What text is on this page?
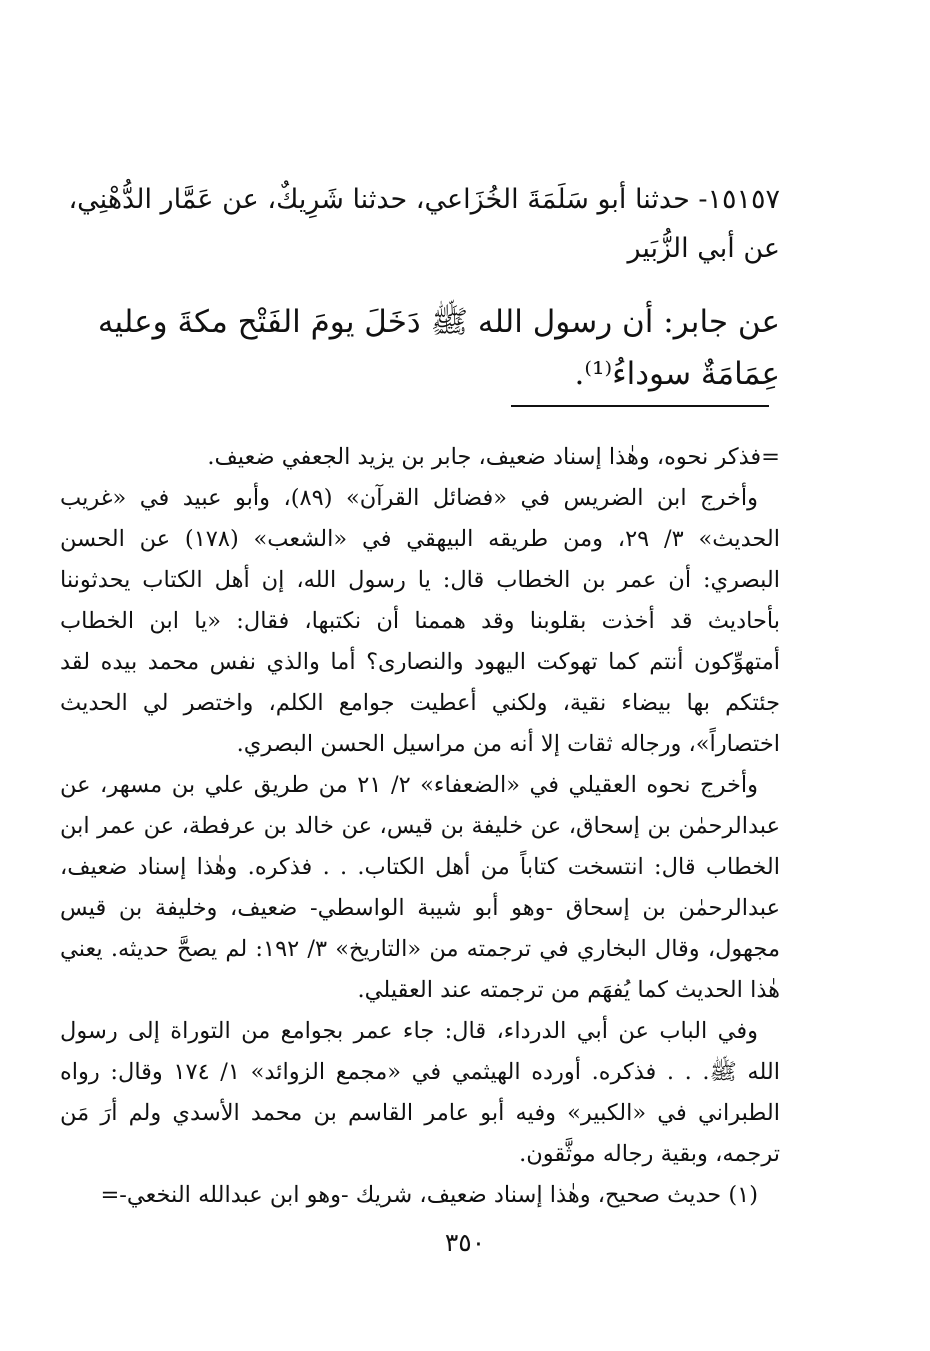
١٥١٥٧- حدثنا أبو سَلَمَةَ الخُزَاعي، حدثنا شَرِيكٌ، عن عَمَّار الدُّهْنِي،
عن أبي الزُّبَير
عن جابر: أن رسول الله ﷺ دَخَلَ يومَ الفَتْح مكةَ وعليه
عِمَامَةٌ سوداءُ⁽¹⁾.

=فذكر نحوه، وهٰذا إسناد ضعيف، جابر بن يزيد الجعفي ضعيف.

وأخرج ابن الضريس في «فضائل القرآن» (٨٩)، وأبو عبيد في «غريب الحديث» ٣/ ٢٩، ومن طريقه البيهقي في «الشعب» (١٧٨) عن الحسن البصري: أن عمر بن الخطاب قال: يا رسول الله، إن أهل الكتاب يحدثوننا بأحاديث قد أخذت بقلوبنا وقد هممنا أن نكتبها، فقال: «يا ابن الخطاب أمتهوِّكون أنتم كما تهوكت اليهود والنصارى؟ أما والذي نفس محمد بيده لقد جئتكم بها بيضاء نقية، ولكني أعطيت جوامع الكلم، واختصر لي الحديث اختصاراً»، ورجاله ثقات إلا أنه من مراسيل الحسن البصري.

وأخرج نحوه العقيلي في «الضعفاء» ٢/ ٢١ من طريق علي بن مسهر، عن عبدالرحمٰن بن إسحاق، عن خليفة بن قيس، عن خالد بن عرفطة، عن عمر ابن الخطاب قال: انتسخت كتاباً من أهل الكتاب. . . فذكره. وهٰذا إسناد ضعيف، عبدالرحمٰن بن إسحاق -وهو أبو شيبة الواسطي- ضعيف، وخليفة بن قيس مجهول، وقال البخاري في ترجمته من «التاريخ» ٣/ ١٩٢: لم يصحَّ حديثه. يعني هٰذا الحديث كما يُفهَم من ترجمته عند العقيلي.

وفي الباب عن أبي الدرداء، قال: جاء عمر بجوامع من التوراة إلى رسول الله ﷺ. . . فذكره. أورده الهيثمي في «مجمع الزوائد» ١/ ١٧٤ وقال: رواه الطبراني في «الكبير» وفيه أبو عامر القاسم بن محمد الأسدي ولم أرَ مَن ترجمه، وبقية رجاله موثَّقون.

(١) حديث صحيح، وهٰذا إسناد ضعيف، شريك -وهو ابن عبدالله النخعي-=

٣٥٠
